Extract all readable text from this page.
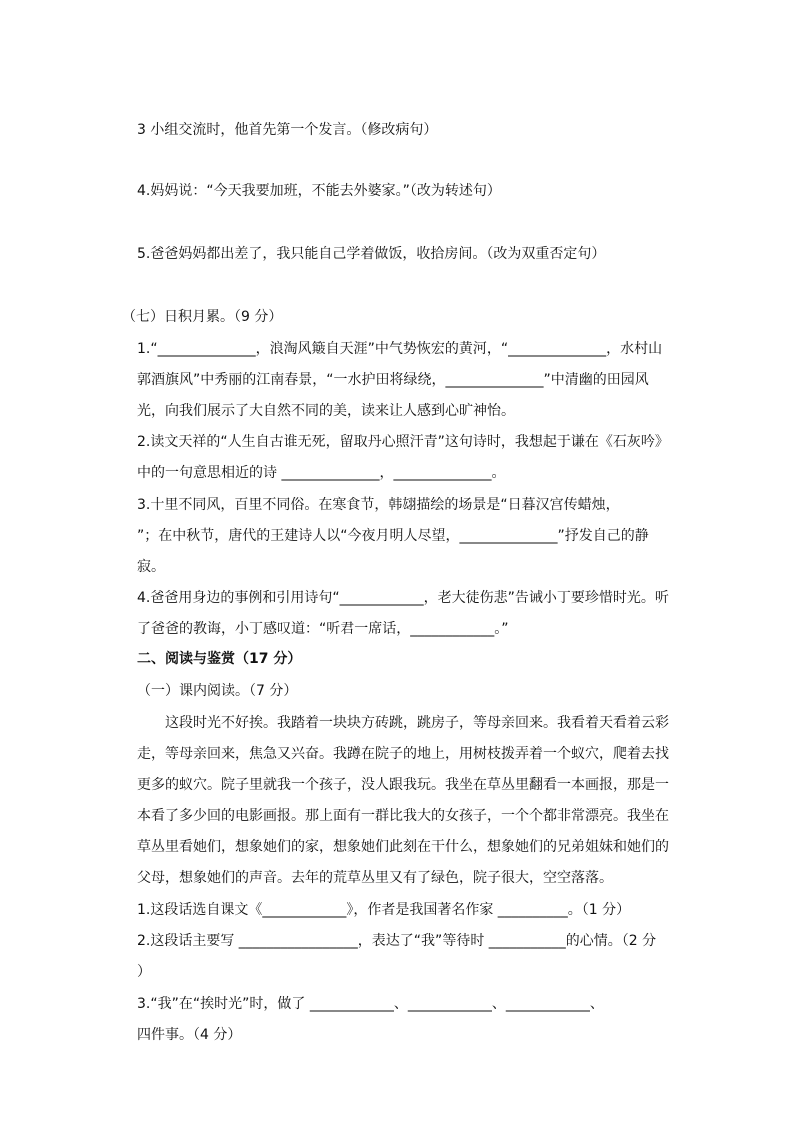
3 小组交流时，他首先第一个发言。（修改病句）
4.妈妈说：“今天我要加班，不能去外婆家。”（改为转述句）
5.爸爸妈妈都出差了，我只能自己学着做饭，收拾房间。（改为双重否定句）
（七）日积月累。（9 分）
1.“______________，浪淘风簸自天涯”中气势恢宏的黄河，“______________，水村山
郭酒旗风”中秀丽的江南春景，“一水护田将绿绕，______________”中清幽的田园风
光，向我们展示了大自然不同的美，读来让人感到心旷神怡。
2.读文天祥的“人生自古谁无死，留取丹心照汗青”这句诗时，我想起于谦在《石灰吟》
中的一句意思相近的诗 ______________，______________。
3.十里不同风，百里不同俗。在寒食节，韩翃描绘的场景是“日暮汉宫传蜡烛，
”；在中秋节，唐代的王建诗人以“今夜月明人尽望，______________”抒发自己的静
寂。
4.爸爸用身边的事例和引用诗句“____________，老大徒伤悲”告诫小丁要珍惜时光。听
了爸爸的教诲，小丁感叹道：“听君一席话，____________。”
二、阅读与鉴赏（17 分）
（一）课内阅读。（7 分）
这段时光不好挨。我踏着一块块方砖跳，跳房子，等母亲回来。我看着天看着云彩
走，等母亲回来，焦急又兴奋。我蹲在院子的地上，用树枝拨弄着一个蚁穴，爬着去找
更多的蚁穴。院子里就我一个孩子，没人跟我玩。我坐在草丛里翻看一本画报，那是一
本看了多少回的电影画报。那上面有一群比我大的女孩子，一个个都非常漂亮。我坐在
草丛里看她们，想象她们的家，想象她们此刻在干什么，想象她们的兄弟姐妹和她们的
父母，想象她们的声音。去年的荒草丛里又有了绿色，院子很大，空空落落。
1.这段话选自课文《____________》，作者是我国著名作家 __________。（1 分）
2.这段话主要写 _________________，表达了“我”等待时 ___________的心情。（2 分
）
3.“我”在“挨时光”时，做了 ____________、____________、____________、
四件事。（4 分）
